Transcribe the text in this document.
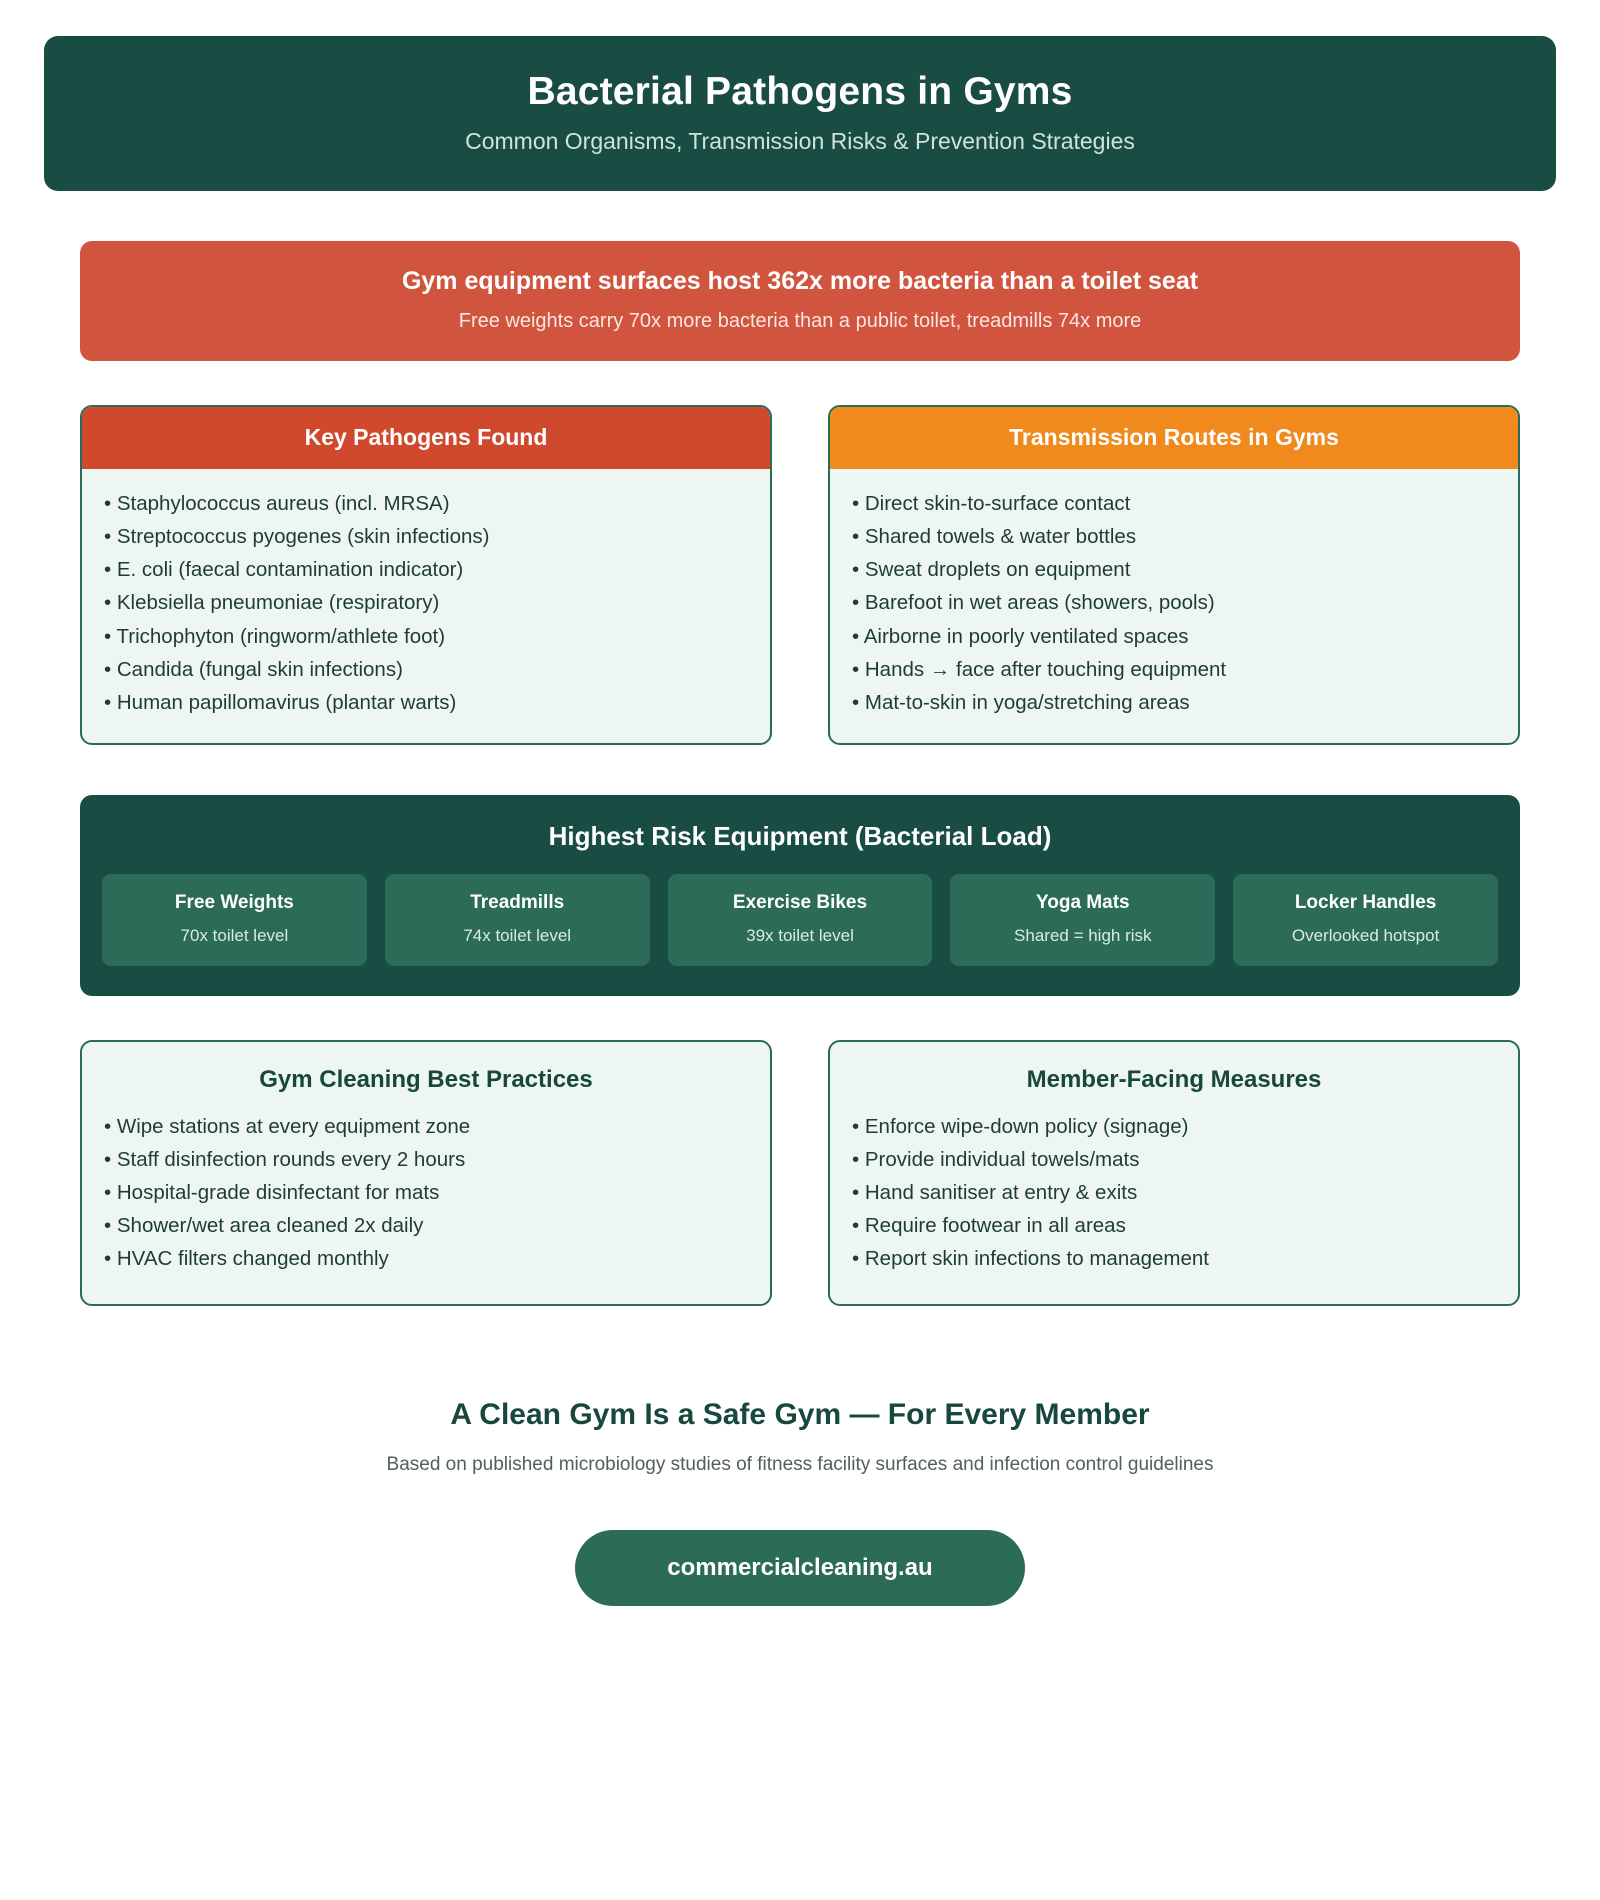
Bacterial Pathogens in Gyms

Common Organisms, Transmission Risks & Prevention Strategies

Gym equipment surfaces host 362x more bacteria than a toilet seat
Free weights carry 70x more bacteria than a public toilet, treadmills 74x more
Key Pathogens Found
• Staphylococcus aureus (incl. MRSA)
• Streptococcus pyogenes (skin infections)
• E. coli (faecal contamination indicator)
• Klebsiella pneumoniae (respiratory)
• Trichophyton (ringworm/athlete foot)
• Candida (fungal skin infections)
• Human papillomavirus (plantar warts)
Transmission Routes in Gyms
• Direct skin-to-surface contact
• Shared towels & water bottles
• Sweat droplets on equipment
• Barefoot in wet areas (showers, pools)
• Airborne in poorly ventilated spaces
• Hands → face after touching equipment
• Mat-to-skin in yoga/stretching areas
Highest Risk Equipment (Bacterial Load)
Free Weights
70x toilet level
Treadmills
74x toilet level
Exercise Bikes
39x toilet level
Yoga Mats
Shared = high risk
Locker Handles
Overlooked hotspot
Gym Cleaning Best Practices
• Wipe stations at every equipment zone
• Staff disinfection rounds every 2 hours
• Hospital-grade disinfectant for mats
• Shower/wet area cleaned 2x daily
• HVAC filters changed monthly
Member-Facing Measures
• Enforce wipe-down policy (signage)
• Provide individual towels/mats
• Hand sanitiser at entry & exits
• Require footwear in all areas
• Report skin infections to management
A Clean Gym Is a Safe Gym — For Every Member
Based on published microbiology studies of fitness facility surfaces and infection control guidelines
commercialcleaning.au
